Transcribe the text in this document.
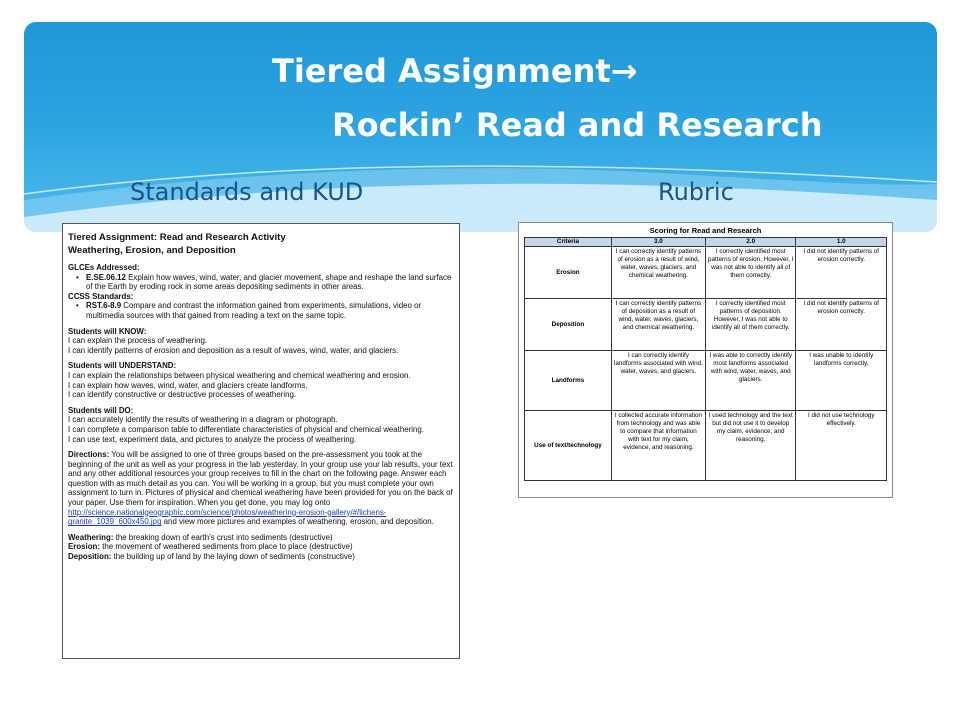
Tiered Assignment→
Rockin’ Read and Research
Standards and KUD	Rubric
Tiered Assignment: Read and Research Activity
Weathering, Erosion, and Deposition
GLCEs Addressed:
• E.SE.06.12 Explain how waves, wind, water, and glacier movement, shape and reshape the land surface of the Earth by eroding rock in some areas depositing sediments in other areas.
CCSS Standards:
• RST.6-8.9 Compare and contrast the information gained from experiments, simulations, video or multimedia sources with that gained from reading a text on the same topic.
Students will KNOW:
I can explain the process of weathering.
I can identify patterns of erosion and deposition as a result of waves, wind, water, and glaciers.
Students will UNDERSTAND:
I can explain the relationships between physical weathering and chemical weathering and erosion.
I can explain how waves, wind, water, and glaciers create landforms.
I can identify constructive or destructive processes of weathering.
Students will DO:
I can accurately identify the results of weathering in a diagram or photograph.
I can complete a comparison table to differentiate characteristics of physical and chemical weathering.
I can use text, experiment data, and pictures to analyze the process of weathering.
Directions: You will be assigned to one of three groups based on the pre-assessment you took at the beginning of the unit as well as your progress in the lab yesterday. In your group use your lab results, your text and any other additional resources your group receives to fill in the chart on the following page. Answer each question with as much detail as you can. You will be working in a group, but you must complete your own assignment to turn in. Pictures of physical and chemical weathering have been provided for you on the back of your paper. Use them for inspiration. When you get done, you may log onto http://science.nationalgeographic.com/science/photos/weathering-erosion-gallery/#/lichens-granite_1039_600x450.jpg and view more pictures and examples of weathering, erosion, and deposition.
Weathering: the breaking down of earth’s crust into sediments (destructive)
Erosion: the movement of weathered sediments from place to place (destructive)
Deposition: the building up of land by the laying down of sediments (constructive)
Scoring for Read and Research
Criteria	3.0	2.0	1.0
Erosion	I can correctly identify patterns of erosion as a result of wind, water, waves, glaciers, and chemical weathering.	I correctly identified most patterns of erosion. However, I was not able to identify all of them correctly.	I did not identify patterns of erosion correctly.
Deposition	I can correctly identify patterns of deposition as a result of wind, water, waves, glaciers, and chemical weathering.	I correctly identified most patterns of deposition. However, I was not able to identify all of them correctly.	I did not identify patterns of erosion correctly.
Landforms	I can correctly identify landforms associated with wind, water, waves, and glaciers.	I was able to correctly identify most landforms associated with wind, water, waves, and glaciers.	I was unable to identify landforms correctly.
Use of text/technology	I collected accurate information from technology and was able to compare that information with text for my claim, evidence, and reasoning.	I used technology and the text but did not use it to develop my claim, evidence, and reasoning.	I did not use technology effectively.
